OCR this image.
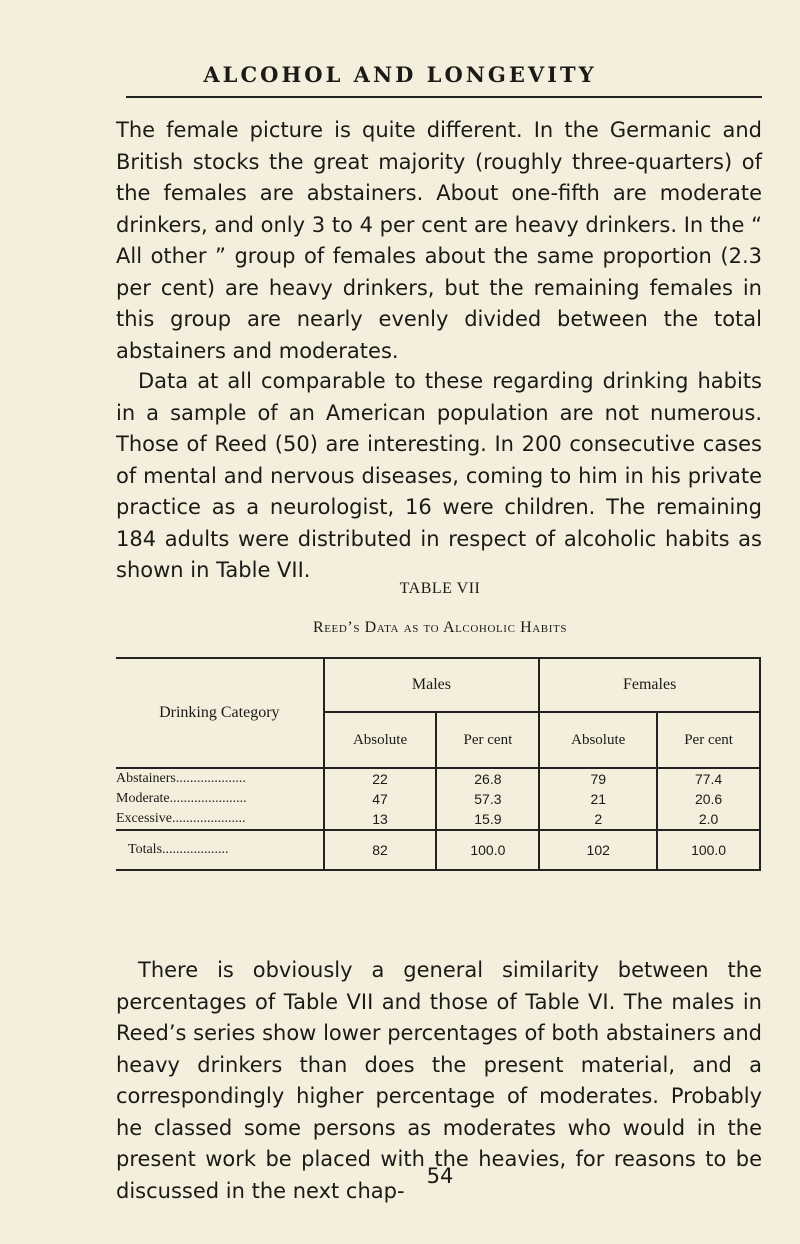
ALCOHOL AND LONGEVITY

The female picture is quite different. In the Germanic and British stocks the great majority (roughly three-quarters) of the females are abstainers. About one-fifth are moderate drinkers, and only 3 to 4 per cent are heavy drinkers. In the “ All other ” group of females about the same proportion (2.3 per cent) are heavy drinkers, but the remaining females in this group are nearly evenly divided between the total abstainers and moderates.

Data at all comparable to these regarding drinking habits in a sample of an American population are not numerous. Those of Reed (50) are interesting. In 200 consecutive cases of mental and nervous diseases, coming to him in his private practice as a neurologist, 16 were children. The remaining 184 adults were distributed in respect of alcoholic habits as shown in Table VII.

TABLE VII
Reed’s Data as to Alcoholic Habits
Drinking Category	Males		Females	
	Absolute	Per cent	Absolute	Per cent
Abstainers....................	22	26.8	79	77.4
Moderate......................	47	57.3	21	20.6
Excessive.....................	13	15.9	2	2.0
Totals...................	82	100.0	102	100.0

There is obviously a general similarity between the percentages of Table VII and those of Table VI. The males in Reed’s series show lower percentages of both abstainers and heavy drinkers than does the present material, and a correspondingly higher percentage of moderates. Probably he classed some persons as moderates who would in the present work be placed with the heavies, for reasons to be discussed in the next chap-

54
